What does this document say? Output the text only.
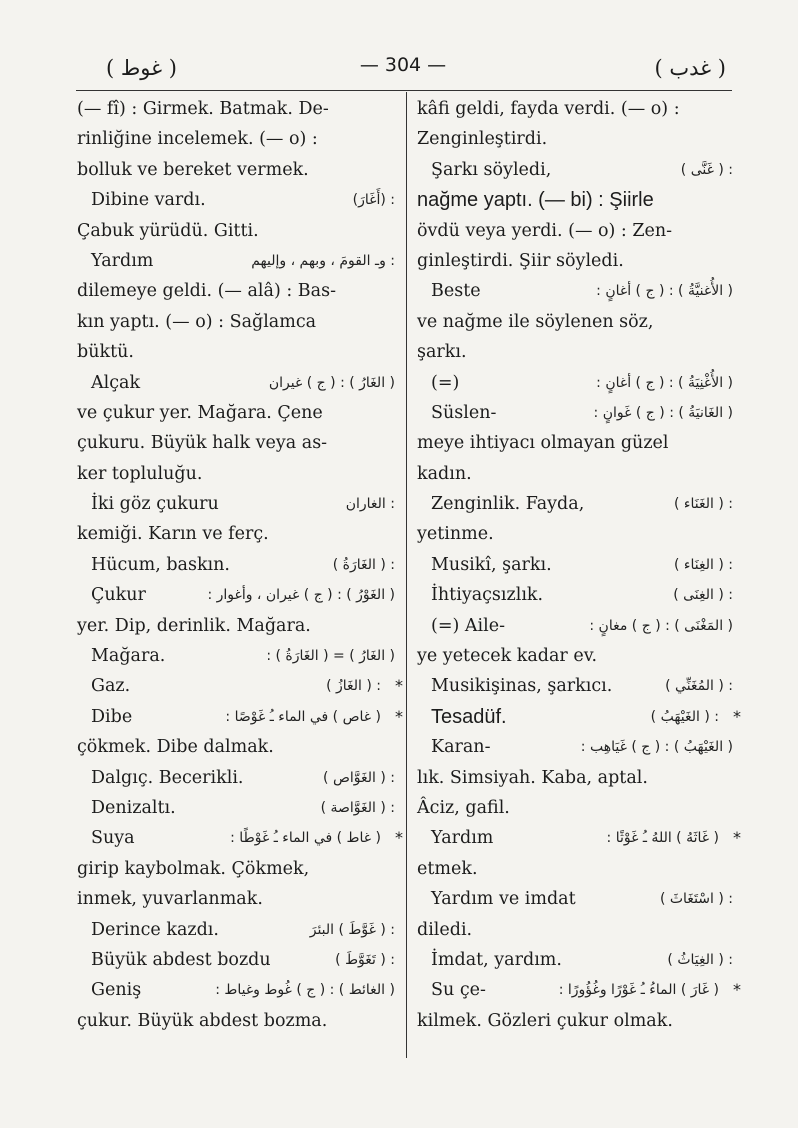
( غوط )	— 304 —	( غدب )
(— fî) : Girmek. Batmak. De-
rinliğine incelemek. (— o) :
bolluk ve bereket vermek.
Dibine vardı.	: (أَغَارَ)
Çabuk yürüdü. Gitti.
Yardım	: وـ القومَ ، وبهم ، وإليهم
dilemeye geldi. (— alâ) : Bas-
kın yaptı. (— o) : Sağlamca
büktü.
Alçak	( الغَارُ ) : ( ج ) غيران
ve çukur yer. Mağara. Çene
çukuru. Büyük halk veya as-
ker topluluğu.
İki göz çukuru	: الغاران
kemiği. Karın ve ferç.
Hücum, baskın.	: ( الغَارَةُ )
Çukur	( الغَوْرُ ) : ( ج ) غيران ، وأغوار :
yer. Dip, derinlik. Mağara.
Mağara.	( الغَارُ ) = ( الغَارَةُ ) :
Gaz.	: ( الغَازُ ) *
Dibe	( غاص ) في الماء ـُ غَوْصًا : *
çökmek. Dibe dalmak.
Dalgıç. Becerikli.	: ( الغَوَّاص )
Denizaltı.	: ( الغَوَّاصة )
Suya	( غاط ) في الماء ـُ غَوْطًا : *
girip kaybolmak. Çökmek,
inmek, yuvarlanmak.
Derince kazdı.	: ( غَوَّطَ ) البئرَ
Büyük abdest bozdu	: ( تَغَوَّطَ )
Geniş	( الغائط ) : ( ج ) غُوط وغياط :
çukur. Büyük abdest bozma.
kâfi geldi, fayda verdi. (— o) :
Zenginleştirdi.
Şarkı söyledi,	: ( غَنَّى )
nağme yaptı. (— bi) : Şiirle
övdü veya yerdi. (— o) : Zen-
ginleştirdi. Şiir söyledi.
Beste	( الأُغنيَّةُ ) : ( ج ) أغانٍ :
ve nağme ile söylenen söz,
şarkı.
(=)	( الأُغْنِيَةُ ) : ( ج ) أغانٍ :
Süslen-	( الغَانيَةُ ) : ( ج ) غَوانٍ :
meye ihtiyacı olmayan güzel
kadın.
Zenginlik. Fayda,	: ( الغَنَاء )
yetinme.
Musikî, şarkı.	: ( الغِنَاء )
İhtiyaçsızlık.	: ( الغِنَى )
(=) Aile-	( المَغْنَى ) : ( ج ) مغانٍ :
ye yetecek kadar ev.
Musikişinas, şarkıcı.	: ( المُغَنِّي )
Tesadüf.	: ( الغَيْهَبُ ) *
Karan-	( الغَيْهَبُ ) : ( ج ) غَيَاهِب :
lık. Simsiyah. Kaba, aptal.
Âciz, gafil.
Yardım	( غَاثَهُ ) اللهُ ـُ غَوْثًا : *
etmek.
Yardım ve imdat	: ( اسْتَغَاثَ )
diledi.
İmdat, yardım.	: ( الغِيَاثُ )
Su çe-	( غَارَ ) الماءُ ـُ غَوْرًا وغُؤُورًا : *
kilmek. Gözleri çukur olmak.
